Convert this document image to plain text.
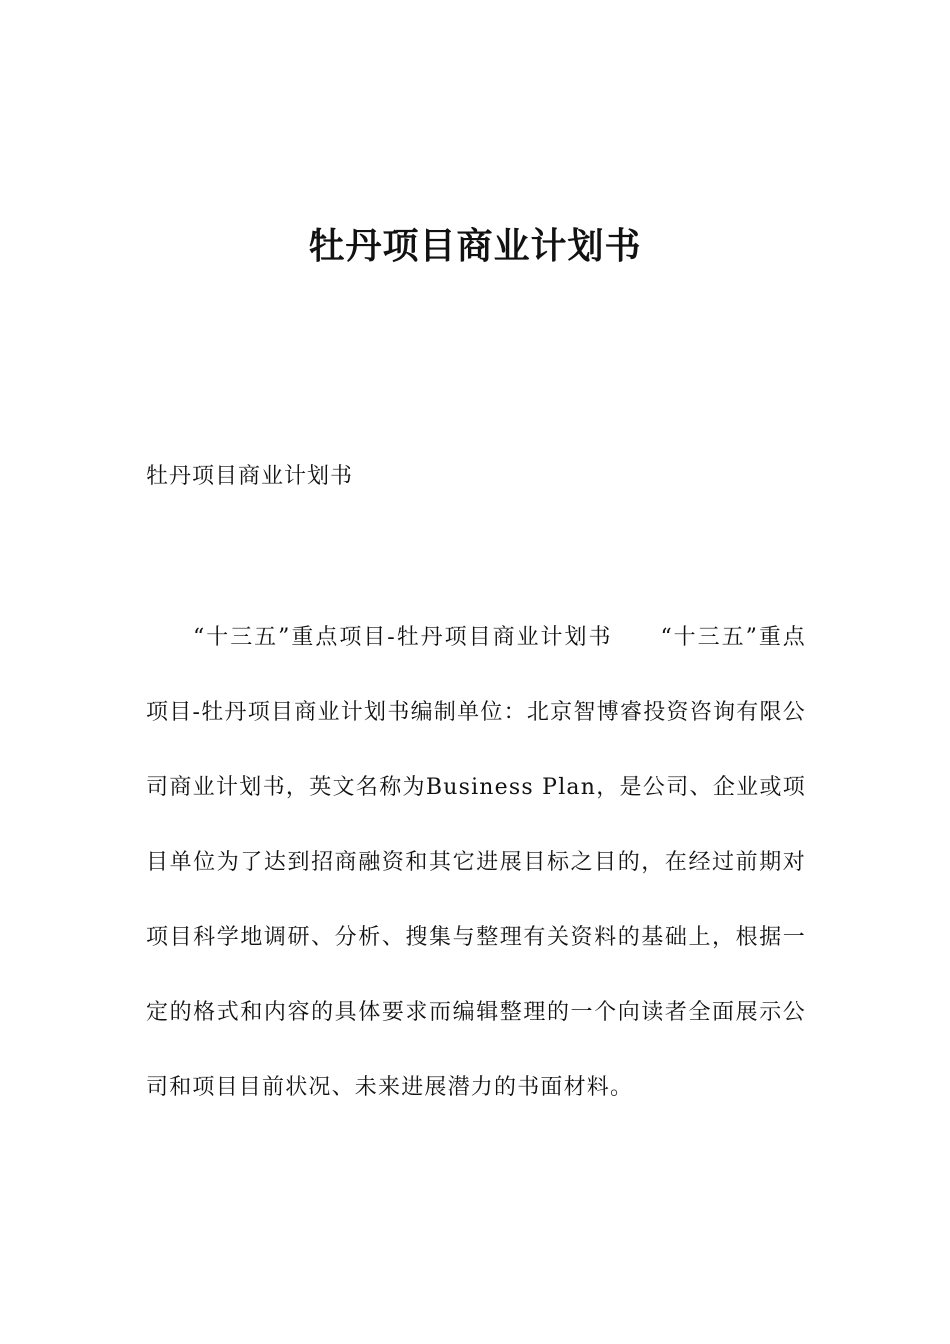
牡丹项目商业计划书
牡丹项目商业计划书

“十三五”重点项目-牡丹项目商业计划书　　“十三五”重点项目-牡丹项目商业计划书编制单位：北京智博睿投资咨询有限公司商业计划书，英文名称为Business Plan，是公司、企业或项目单位为了达到招商融资和其它进展目标之目的，在经过前期对项目科学地调研、分析、搜集与整理有关资料的基础上，根据一定的格式和内容的具体要求而编辑整理的一个向读者全面展示公司和项目目前状况、未来进展潜力的书面材料。
